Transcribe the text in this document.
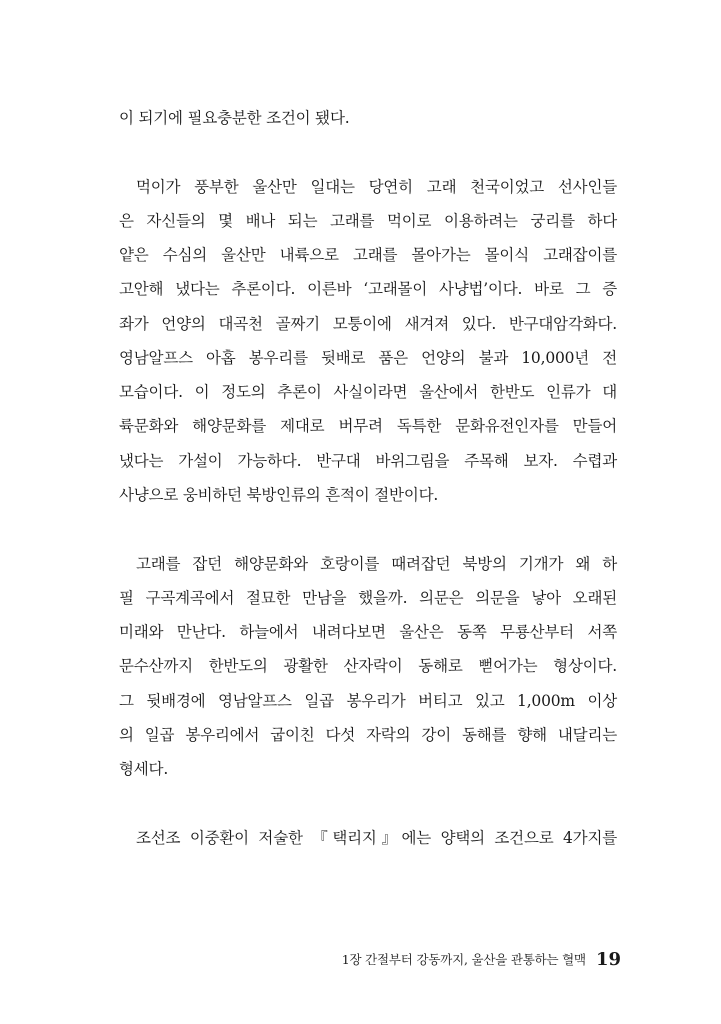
이 되기에 필요충분한 조건이 됐다.
먹이가 풍부한 울산만 일대는 당연히 고래 천국이었고 선사인들
은 자신들의 몇 배나 되는 고래를 먹이로 이용하려는 궁리를 하다
얕은 수심의 울산만 내륙으로 고래를 몰아가는 몰이식 고래잡이를
고안해 냈다는 추론이다. 이른바 ‘고래몰이 사냥법’이다. 바로 그 증
좌가 언양의 대곡천 골짜기 모퉁이에 새겨져 있다. 반구대암각화다.
영남알프스 아홉 봉우리를 뒷배로 품은 언양의 불과 10,000년 전
모습이다. 이 정도의 추론이 사실이라면 울산에서 한반도 인류가 대
륙문화와 해양문화를 제대로 버무려 독특한 문화유전인자를 만들어
냈다는 가설이 가능하다. 반구대 바위그림을 주목해 보자. 수렵과
사냥으로 웅비하던 북방인류의 흔적이 절반이다.
고래를 잡던 해양문화와 호랑이를 때려잡던 북방의 기개가 왜 하
필 구곡계곡에서 절묘한 만남을 했을까. 의문은 의문을 낳아 오래된
미래와 만난다. 하늘에서 내려다보면 울산은 동쪽 무룡산부터 서쪽
문수산까지 한반도의 광활한 산자락이 동해로 뻗어가는 형상이다.
그 뒷배경에 영남알프스 일곱 봉우리가 버티고 있고 1,000m 이상
의 일곱 봉우리에서 굽이친 다섯 자락의 강이 동해를 향해 내달리는
형세다.
조선조 이중환이 저술한 『택리지』에는 양택의 조건으로 4가지를
1장 간절부터 강동까지, 울산을 관통하는 혈맥 19
